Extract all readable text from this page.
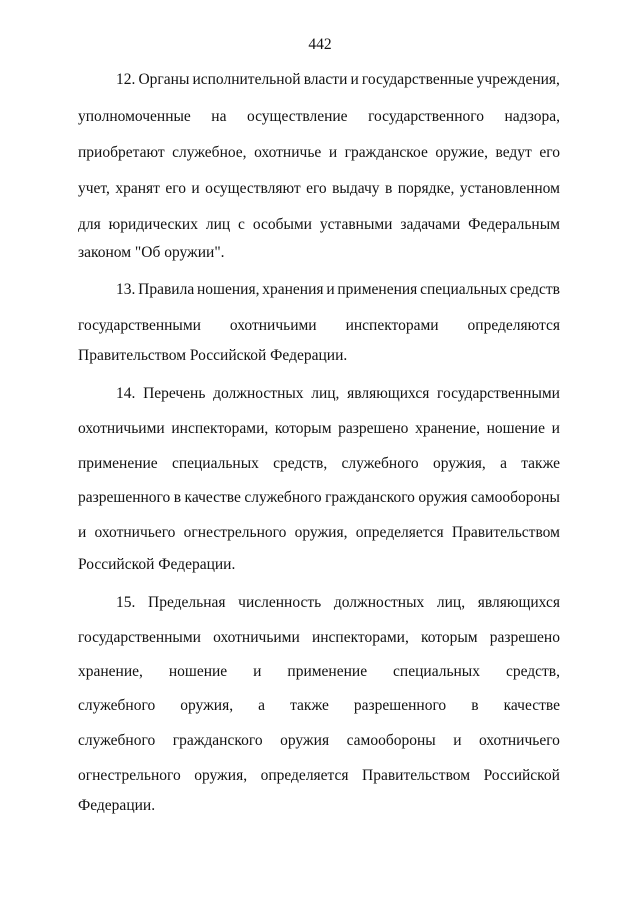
442
12. Органы исполнительной власти и государственные учреждения,
уполномоченные на осуществление государственного надзора,
приобретают служебное, охотничье и гражданское оружие, ведут его
учет, хранят его и осуществляют его выдачу в порядке, установленном
для юридических лиц с особыми уставными задачами Федеральным
законом "Об оружии".
13. Правила ношения, хранения и применения специальных средств
государственными охотничьими инспекторами определяются
Правительством Российской Федерации.
14. Перечень должностных лиц, являющихся государственными
охотничьими инспекторами, которым разрешено хранение, ношение и
применение специальных средств, служебного оружия, а также
разрешенного в качестве служебного гражданского оружия самообороны
и охотничьего огнестрельного оружия, определяется Правительством
Российской Федерации.
15. Предельная численность должностных лиц, являющихся
государственными охотничьими инспекторами, которым разрешено
хранение, ношение и применение специальных средств,
служебного оружия, а также разрешенного в качестве
служебного гражданского оружия самообороны и охотничьего
огнестрельного оружия, определяется Правительством Российской
Федерации.
